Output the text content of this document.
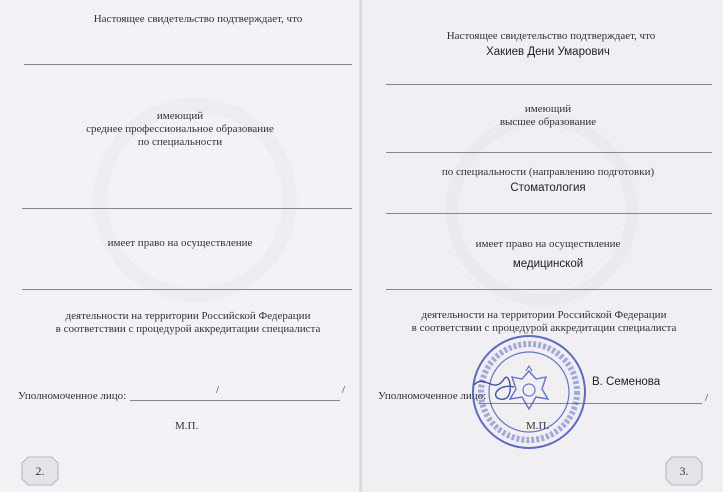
Настоящее свидетельство подтверждает, что
имеющий
среднее профессиональное образование
по специальности
имеет право на осуществление
деятельности на территории Российской Федерации
в соответствии с процедурой аккредитации специалиста
Уполномоченное лицо:	/	/
М.П.
2.
Настоящее свидетельство подтверждает, что
Хакиев Дени Умарович
имеющий
высшее образование
по специальности (направлению подготовки)
Стоматология
имеет право на осуществление
медицинской
деятельности на территории Российской Федерации
в соответствии с процедурой аккредитации специалиста
Уполномоченное лицо:
В. Семенова
/
М.П.
3.
